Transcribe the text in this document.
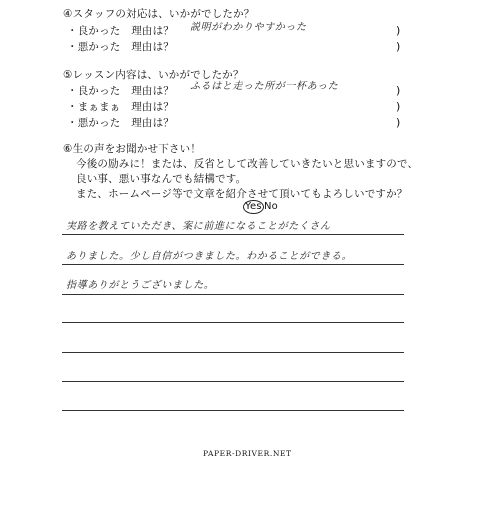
④スタッフの対応は、いかがでしたか？
・良かった　理由は？ 説明がわかりやすかった	)
・悪かった　理由は？	)
⑤レッスン内容は、いかがでしたか？
・良かった　理由は？ ふるはと走った所が一杯あった	)
・まぁまぁ　理由は？	)
・悪かった　理由は？	)
⑥生の声をお聞かせ下さい！
今後の励みに！または、反省として改善していきたいと思いますので、
良い事、悪い事なんでも結構です。
また、ホームページ等で文章を紹介させて頂いてもよろしいですか？
Yes No
実路を教えていただき、案に前進になることがたくさん
ありました。少し自信がつきました。わかることができる。
指導ありがとうございました。
PAPER-DRIVER.NET
